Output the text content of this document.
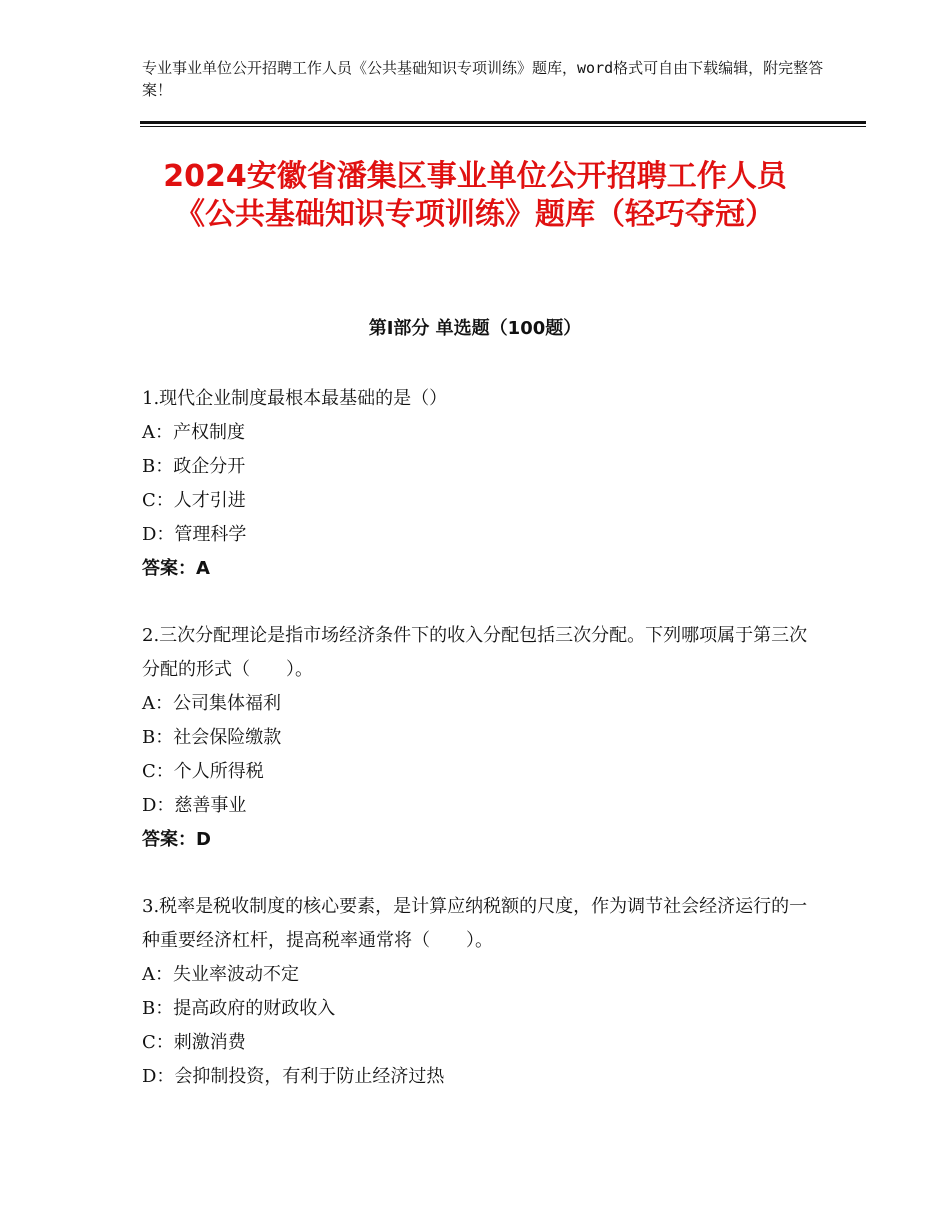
专业事业单位公开招聘工作人员《公共基础知识专项训练》题库，word格式可自由下载编辑，附完整答案！
2024安徽省潘集区事业单位公开招聘工作人员《公共基础知识专项训练》题库（轻巧夺冠）
第Ⅰ部分 单选题（100题）
1.现代企业制度最根本最基础的是（）
A：产权制度
B：政企分开
C：人才引进
D：管理科学
答案：A
2.三次分配理论是指市场经济条件下的收入分配包括三次分配。下列哪项属于第三次分配的形式（　　）。
A：公司集体福利
B：社会保险缴款
C：个人所得税
D：慈善事业
答案：D
3.税率是税收制度的核心要素，是计算应纳税额的尺度，作为调节社会经济运行的一种重要经济杠杆，提高税率通常将（　　）。
A：失业率波动不定
B：提高政府的财政收入
C：刺激消费
D：会抑制投资，有利于防止经济过热
